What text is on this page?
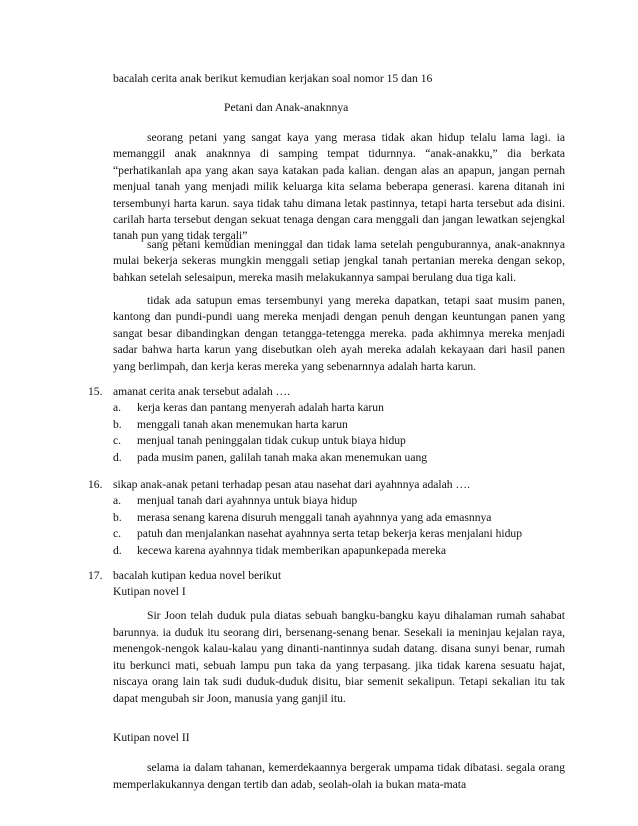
bacalah cerita anak berikut kemudian kerjakan soal nomor 15 dan 16

Petani dan Anak-anaknnya

seorang petani yang sangat kaya yang merasa tidak akan hidup telalu lama lagi. ia memanggil anak anaknnya di samping tempat tidurnnya. “anak-anakku,” dia berkata “perhatikanlah apa yang akan saya katakan pada kalian. dengan alas an apapun, jangan pernah menjual tanah yang menjadi milik keluarga kita selama beberapa generasi. karena ditanah ini tersembunyi harta karun. saya tidak tahu dimana letak pastinnya, tetapi harta tersebut ada disini. carilah harta tersebut dengan sekuat tenaga dengan cara menggali dan jangan lewatkan sejengkal tanah pun yang tidak tergali”

sang petani kemudian meninggal dan tidak lama setelah penguburannya, anak-anaknnya mulai bekerja sekeras mungkin menggali setiap jengkal tanah pertanian mereka dengan sekop, bahkan setelah selesaipun, mereka masih melakukannya sampai berulang dua tiga kali.

tidak ada satupun emas tersembunyi yang mereka dapatkan, tetapi saat musim panen, kantong dan pundi-pundi uang mereka menjadi dengan penuh dengan keuntungan panen yang sangat besar dibandingkan dengan tetangga-tetengga mereka. pada akhimnya mereka menjadi sadar bahwa harta karun yang disebutkan oleh ayah mereka adalah kekayaan dari hasil panen yang berlimpah, dan kerja keras mereka yang sebenarnnya adalah harta karun.

15. amanat cerita anak tersebut adalah ….

a. kerja keras dan pantang menyerah adalah harta karun

b. menggali tanah akan menemukan harta karun

c. menjual tanah peninggalan tidak cukup untuk biaya hidup

d. pada musim panen, galilah tanah maka akan menemukan uang

16. sikap anak-anak petani terhadap pesan atau nasehat dari ayahnnya adalah ….

a. menjual tanah dari ayahnnya untuk biaya hidup

b. merasa senang karena disuruh menggali tanah ayahnnya yang ada emasnnya

c. patuh dan menjalankan nasehat ayahnnya serta tetap bekerja keras menjalani hidup

d. kecewa karena ayahnnya tidak memberikan apapunkepada mereka

17. bacalah kutipan kedua novel berikut

Kutipan novel I

Sir Joon telah duduk pula diatas sebuah bangku-bangku kayu dihalaman rumah sahabat barunnya. ia duduk itu seorang diri, bersenang-senang benar. Sesekali ia meninjau kejalan raya, menengok-nengok kalau-kalau yang dinanti-nantinnya sudah datang. disana sunyi benar, rumah itu berkunci mati, sebuah lampu pun taka da yang terpasang. jika tidak karena sesuatu hajat, niscaya orang lain tak sudi duduk-duduk disitu, biar semenit sekalipun. Tetapi sekalian itu tak dapat mengubah sir Joon, manusia yang ganjil itu.

Kutipan novel II

selama ia dalam tahanan, kemerdekaannya bergerak umpama tidak dibatasi. segala orang memperlakukannya dengan tertib dan adab, seolah-olah ia bukan mata-mata
